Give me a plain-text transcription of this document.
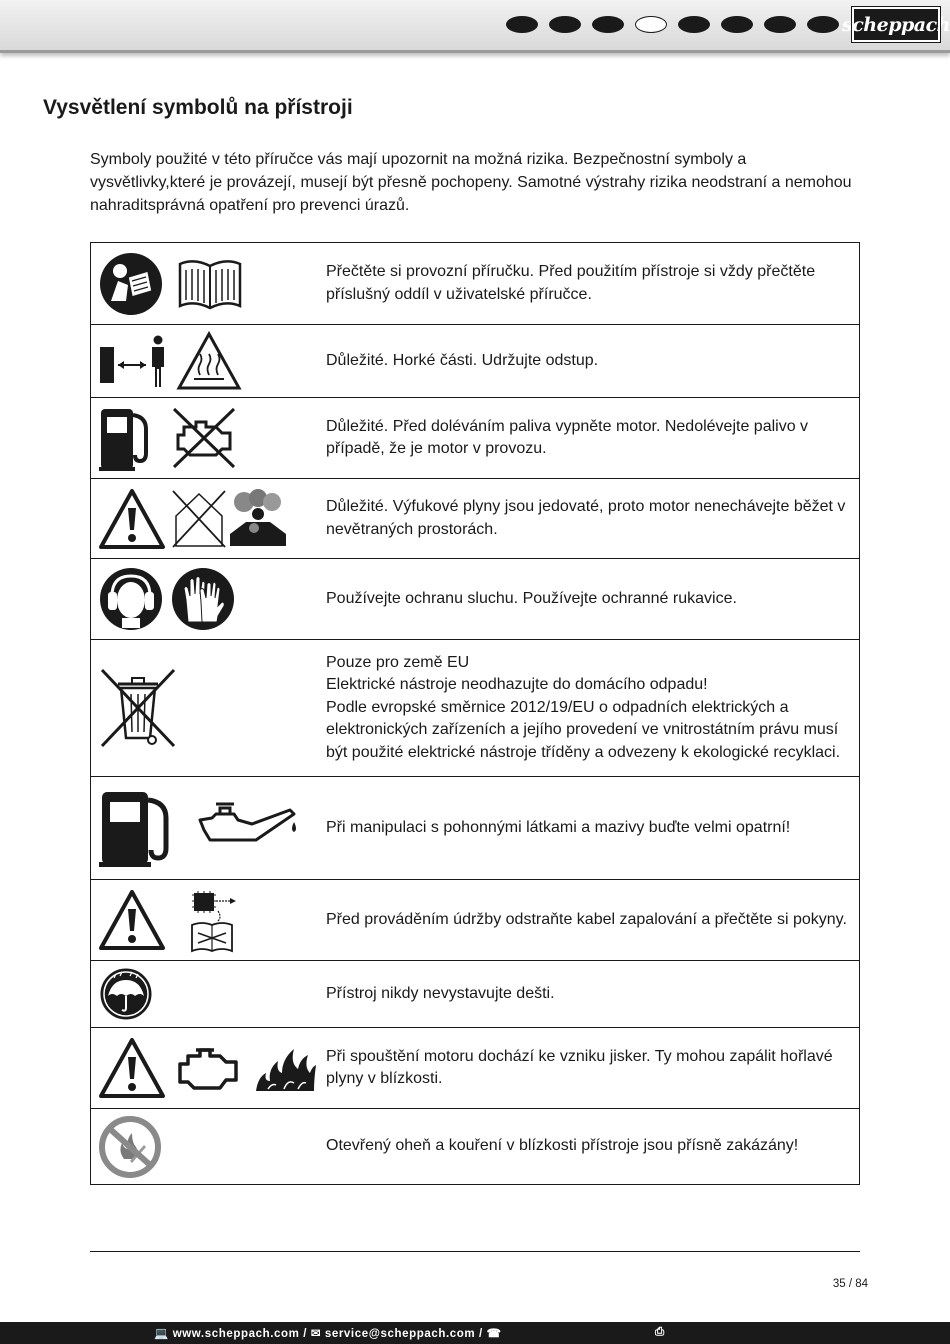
scheppach
Vysvětlení symbolů na přístroji

Symboly použité v této příručce vás mají upozornit na možná rizika. Bezpečnostní symboly a vysvětlivky,které je provázejí, musejí být přesně pochopeny. Samotné výstrahy rizika neodstraní a nemohou nahraditsprávná opatření pro prevenci úrazů.

	Přečtěte si provozní příručku. Před použitím přístroje si vždy přečtěte příslušný oddíl v uživatelské příručce.

	Důležité. Horké části. Udržujte odstup.

	Důležité. Před doléváním paliva vypněte motor. Nedolévejte palivo v případě, že je motor v provozu.

	Důležité. Výfukové plyny jsou jedovaté, proto motor nenechávejte běžet v nevětraných prostorách.

	Používejte ochranu sluchu. Používejte ochranné rukavice.

	Pouze pro země EU
Elektrické nástroje neodhazujte do domácího odpadu!
Podle evropské směrnice 2012/19/EU o odpadních elektrických a elektronických zařízeních a jejího provedení ve vnitrostátním právu musí být použité elektrické nástroje tříděny a odvezeny k ekologické recyklaci.

	Při manipulaci s pohonnými látkami a mazivy buďte velmi opatrní!

	Před prováděním údržby odstraňte kabel zapalování a přečtěte si pokyny.

	Přístroj nikdy nevystavujte dešti.

	Při spouštění motoru dochází ke vzniku jisker. Ty mohou zapálit hořlavé plyny v blízkosti.

	Otevřený oheň a kouření v blízkosti přístroje jsou přísně zakázány!
35 / 84
💻 www.scheppach.com / ✉ service@scheppach.com / ☎	⎙
